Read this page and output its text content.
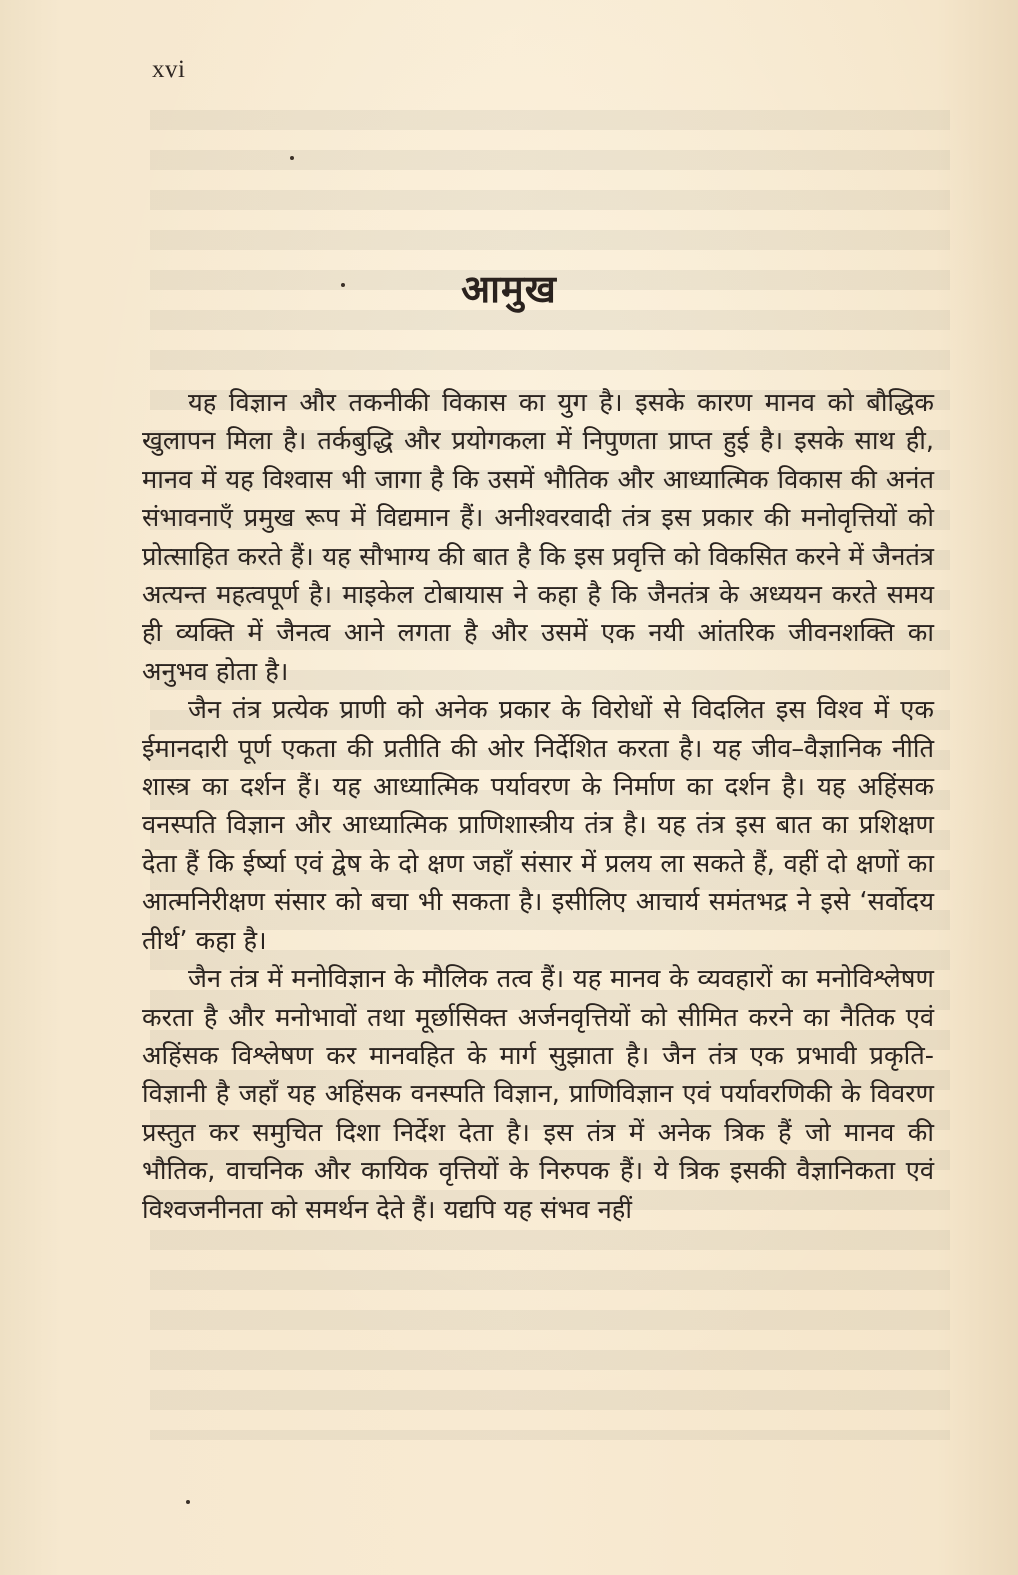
xvi
आमुख

यह विज्ञान और तकनीकी विकास का युग है। इसके कारण मानव को बौद्धिक खुलापन मिला है। तर्कबुद्धि और प्रयोगकला में निपुणता प्राप्त हुई है। इसके साथ ही, मानव में यह विश्वास भी जागा है कि उसमें भौतिक और आध्यात्मिक विकास की अनंत संभावनाएँ प्रमुख रूप में विद्यमान हैं। अनीश्वरवादी तंत्र इस प्रकार की मनोवृत्तियों को प्रोत्साहित करते हैं। यह सौभाग्य की बात है कि इस प्रवृत्ति को विकसित करने में जैनतंत्र अत्यन्त महत्वपूर्ण है। माइकेल टोबायास ने कहा है कि जैनतंत्र के अध्ययन करते समय ही व्यक्ति में जैनत्व आने लगता है और उसमें एक नयी आंतरिक जीवनशक्ति का अनुभव होता है।

जैन तंत्र प्रत्येक प्राणी को अनेक प्रकार के विरोधों से विदलित इस विश्व में एक ईमानदारी पूर्ण एकता की प्रतीति की ओर निर्देशित करता है। यह जीव–वैज्ञानिक नीति शास्त्र का दर्शन हैं। यह आध्यात्मिक पर्यावरण के निर्माण का दर्शन है। यह अहिंसक वनस्पति विज्ञान और आध्यात्मिक प्राणिशास्त्रीय तंत्र है। यह तंत्र इस बात का प्रशिक्षण देता हैं कि ईर्ष्या एवं द्वेष के दो क्षण जहाँ संसार में प्रलय ला सकते हैं, वहीं दो क्षणों का आत्मनिरीक्षण संसार को बचा भी सकता है। इसीलिए आचार्य समंतभद्र ने इसे ‘सर्वोदय तीर्थ’ कहा है।

जैन तंत्र में मनोविज्ञान के मौलिक तत्व हैं। यह मानव के व्यवहारों का मनोविश्लेषण करता है और मनोभावों तथा मूर्छासिक्त अर्जनवृत्तियों को सीमित करने का नैतिक एवं अहिंसक विश्लेषण कर मानवहित के मार्ग सुझाता है। जैन तंत्र एक प्रभावी प्रकृति-विज्ञानी है जहाँ यह अहिंसक वनस्पति विज्ञान, प्राणिविज्ञान एवं पर्यावरणिकी के विवरण प्रस्तुत कर समुचित दिशा निर्देश देता है। इस तंत्र में अनेक त्रिक हैं जो मानव की भौतिक, वाचनिक और कायिक वृत्तियों के निरुपक हैं। ये त्रिक इसकी वैज्ञानिकता एवं विश्वजनीनता को समर्थन देते हैं। यद्यपि यह संभव नहीं
